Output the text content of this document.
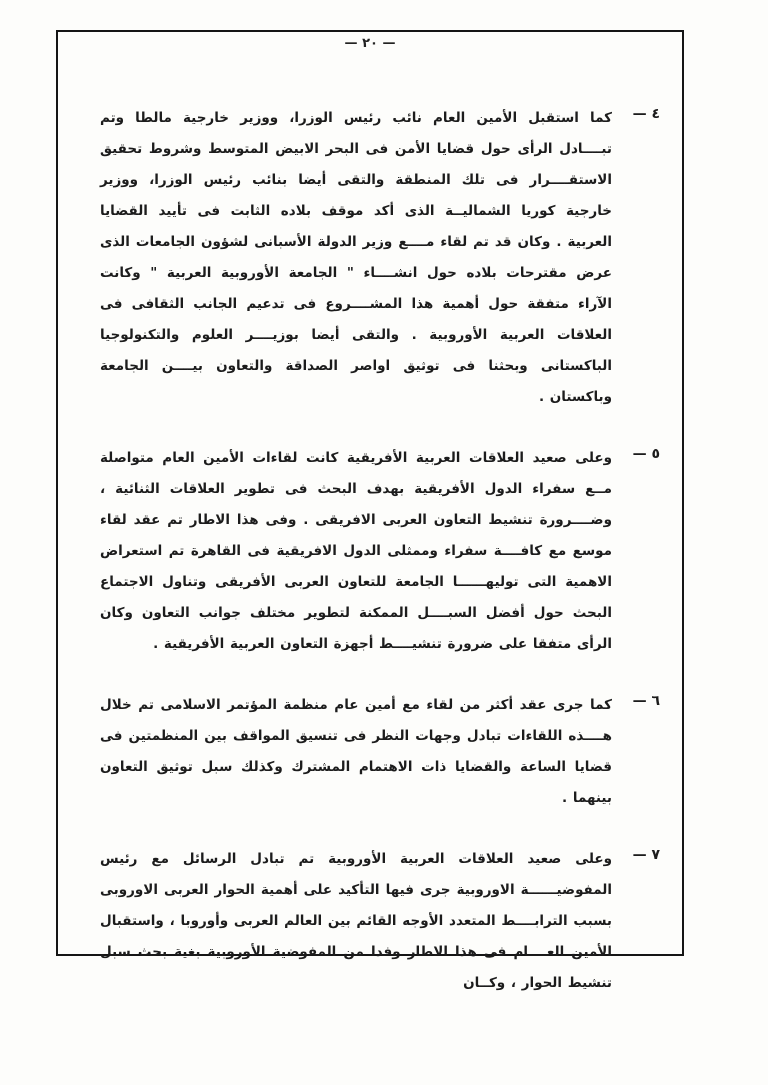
— ٢٠ —
٤ —

كما استقبل الأمين العام نائب رئيس الوزرا، ووزير خارجية مالطا وتم تبــــادل الرأى حول قضايا الأمن فى البحر الابيض المتوسط وشروط تحقيق الاستقــــرار فى تلك المنطقة والتقى أيضا بنائب رئيس الوزرا، ووزير خارجية كوريا الشماليــة الذى أكد موقف بلاده الثابت فى تأييد القضايا العربية . وكان قد تم لقاء مــــع وزير الدولة الأسبانى لشؤون الجامعات الذى عرض مقترحات بلاده حول انشــــاء " الجامعة الأوروبية العربية " وكانت الآراء متفقة حول أهمية هذا المشــــروع فى تدعيم الجانب الثقافى فى العلاقات العربية الأوروبية . والتقى أيضا بوزيــــر العلوم والتكنولوجيا الباكستانى وبحثنا فى توثيق اواصر الصداقة والتعاون بيــــن الجامعة وباكستان .

٥ —

وعلى صعيد العلاقات العربية الأفريقية كانت لقاءات الأمين العام متواصلة مــع سفراء الدول الأفريقية بهدف البحث فى تطوير العلاقات الثنائية ، وضــــرورة تنشيط التعاون العربى الافريقى . وفى هذا الاطار تم عقد لقاء موسع مع كافــــة سفراء وممثلى الدول الافريقية فى القاهرة تم استعراض الاهمية التى توليهــــــا الجامعة للتعاون العربى الأفريقى وتناول الاجتماع البحث حول أفضل السبــــل الممكنة لتطوير مختلف جوانب التعاون وكان الرأى متفقا على ضرورة تنشيــــط أجهزة التعاون العربية الأفريقية .

٦ —

كما جرى عقد أكثر من لقاء مع أمين عام منظمة المؤتمر الاسلامى تم خلال هــــذه اللقاءات تبادل وجهات النظر فى تنسيق المواقف بين المنظمتين فى قضايا الساعة والقضايا ذات الاهتمام المشترك وكذلك سبل توثيق التعاون بينهما .

٧ —

وعلى صعيد العلاقات العربية الأوروبية تم تبادل الرسائل مع رئيس المفوضيــــــة الاوروبية جرى فيها التأكيد على أهمية الحوار العربى الاوروبى بسبب الترابــــط المتعدد الأوجه القائم بين العالم العربى وأوروبا ، واستقبال الأمين العــــام فى هذا الاطار وفدا من المفوضية الأوروبية بغية بحث سبل تنشيط الحوار ، وكــان
